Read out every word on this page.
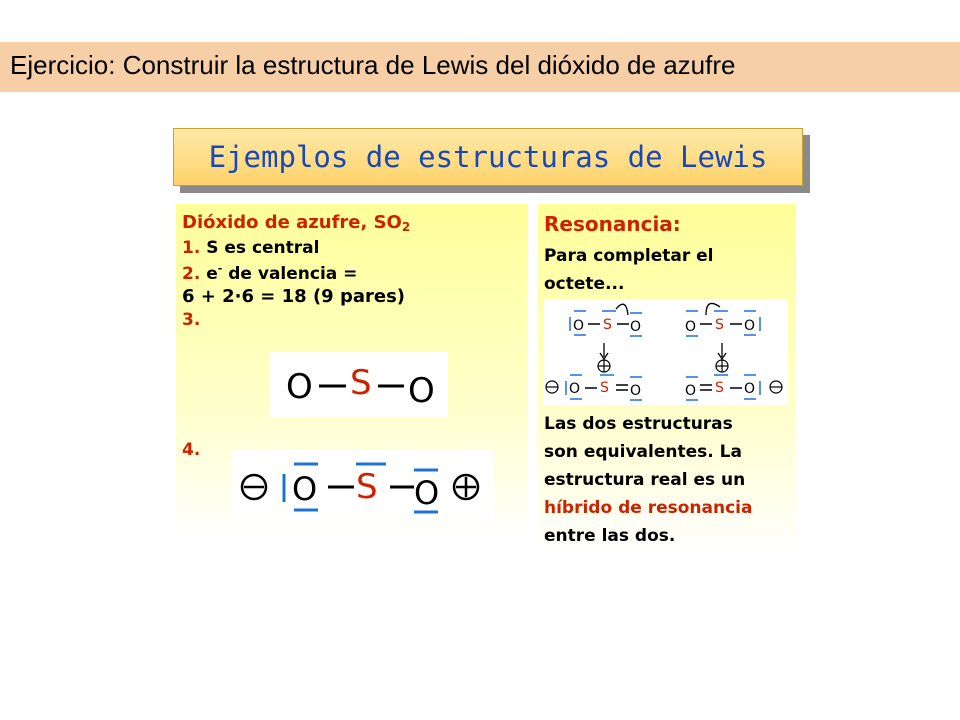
Ejercicio: Construir la estructura de Lewis del dióxido de azufre
Ejemplos de estructuras de Lewis
Dióxido de azufre, $SO_2$
1. S es central
2. e- de valencia =
6 + 2·6 = 18 (9 pares)
3.
4.
O S O
O S O
Resonancia:
Para completar el
octete...
O S O
O S O
O S O
O S O
Las dos estructuras
son equivalentes. La
estructura real es un
híbrido de resonancia
entre las dos.
